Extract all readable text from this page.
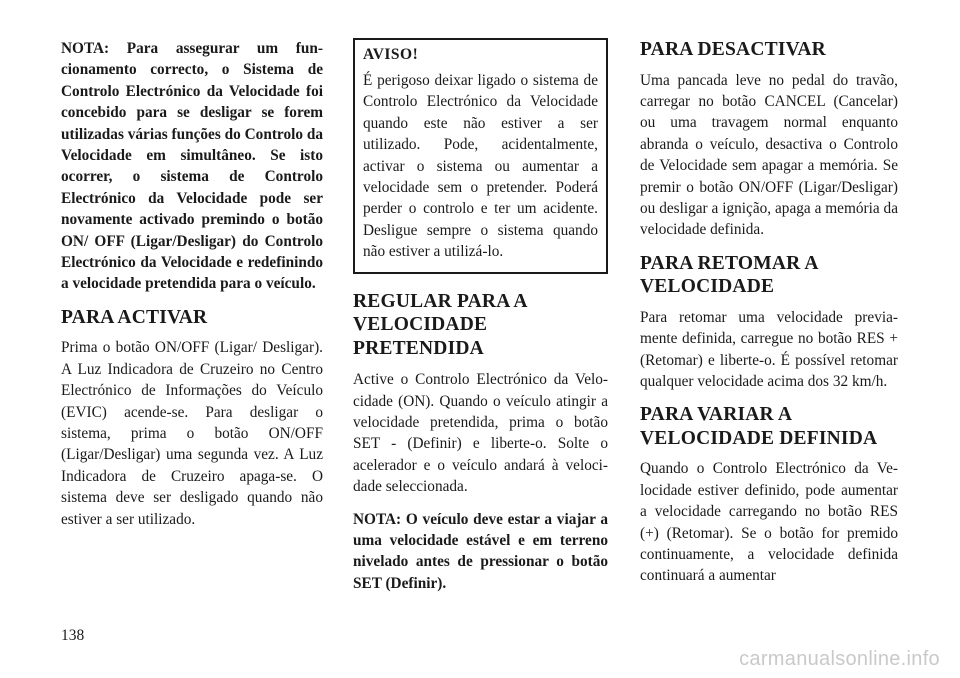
NOTA: Para assegurar um funcionamento correcto, o Sistema de Controlo Electrónico da Velocidade foi concebido para se desligar se forem utilizadas várias funções do Controlo da Velocidade em simultâneo. Se isto ocorrer, o sistema de Controlo Electrónico da Velocidade pode ser novamente activado premindo o botão ON/ OFF (Ligar/Desligar) do Controlo Electrónico da Velocidade e redefinindo a velocidade pretendida para o veículo.

PARA ACTIVAR

Prima o botão ON/OFF (Ligar/ Desligar). A Luz Indicadora de Cruzeiro no Centro Electrónico de Informações do Veículo (EVIC) acende-se. Para desligar o sistema, prima o botão ON/OFF (Ligar/Desligar) uma segunda vez. A Luz Indicadora de Cruzeiro apaga-se. O sistema deve ser desligado quando não estiver a ser utilizado.

AVISO!

É perigoso deixar ligado o sistema de Controlo Electrónico da Velocidade quando este não estiver a ser utilizado. Pode, acidentalmente, activar o sistema ou aumentar a velocidade sem o pretender. Poderá perder o controlo e ter um acidente. Desligue sempre o sistema quando não estiver a utilizá-lo.

REGULAR PARA A VELOCIDADE PRETENDIDA

Active o Controlo Electrónico da Velocidade (ON). Quando o veículo atingir a velocidade pretendida, prima o botão SET - (Definir) e liberte-o. Solte o acelerador e o veículo andará à velocidade seleccionada.

NOTA: O veículo deve estar a viajar a uma velocidade estável e em terreno nivelado antes de pressionar o botão SET (Definir).

PARA DESACTIVAR

Uma pancada leve no pedal do travão, carregar no botão CANCEL (Cancelar) ou uma travagem normal enquanto abranda o veículo, desactiva o Controlo de Velocidade sem apagar a memória. Se premir o botão ON/OFF (Ligar/Desligar) ou desligar a ignição, apaga a memória da velocidade definida.

PARA RETOMAR A VELOCIDADE

Para retomar uma velocidade previamente definida, carregue no botão RES + (Retomar) e liberte-o. É possível retomar qualquer velocidade acima dos 32 km/h.

PARA VARIAR A VELOCIDADE DEFINIDA

Quando o Controlo Electrónico da Velocidade estiver definido, pode aumentar a velocidade carregando no botão RES (+) (Retomar). Se o botão for premido continuamente, a velocidade definida continuará a aumentar

138
carmanualsonline.info
